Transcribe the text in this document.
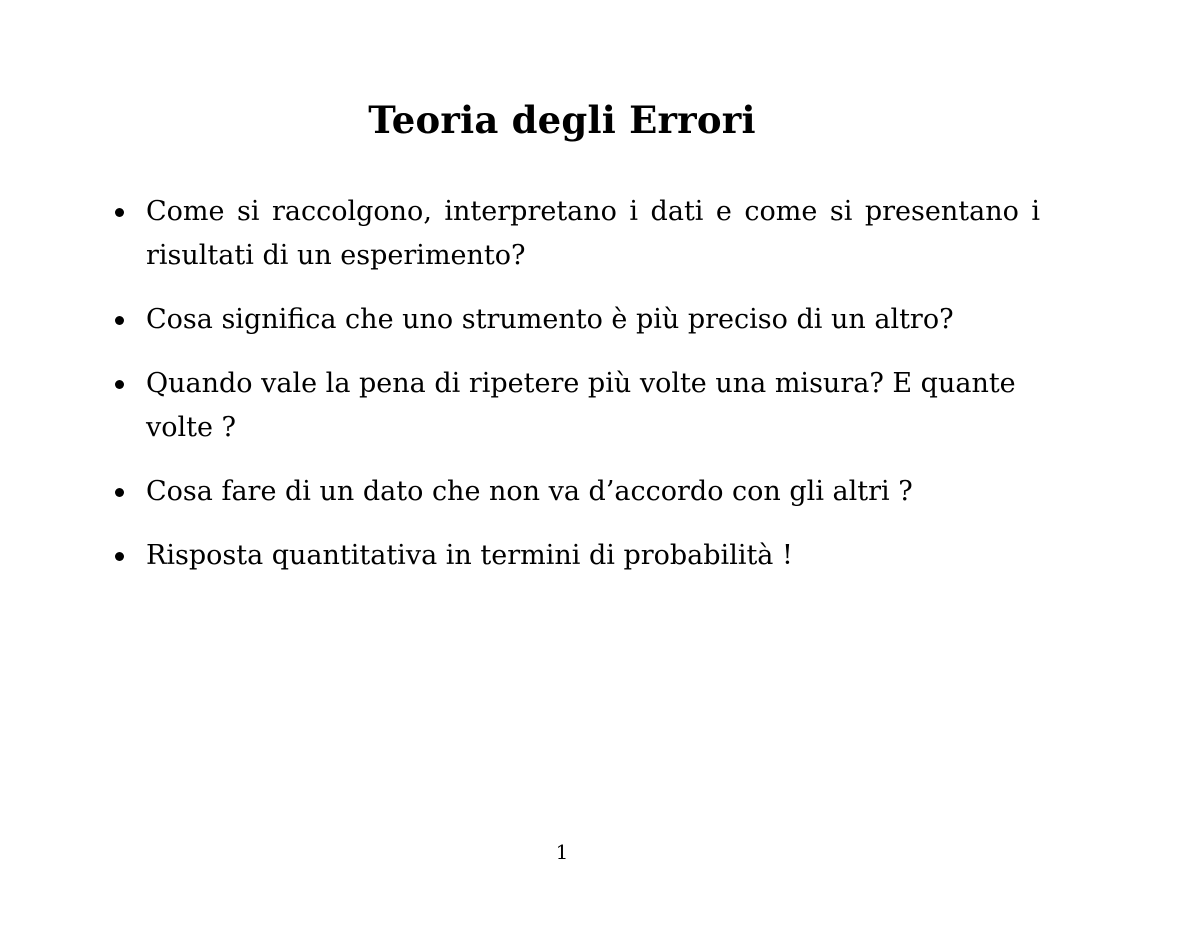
Teoria degli Errori
Come si raccolgono, interpretano i dati e come si presentano i risultati di un esperimento?
Cosa significa che uno strumento è più preciso di un altro?
Quando vale la pena di ripetere più volte una misura? E quante volte ?
Cosa fare di un dato che non va d’accordo con gli altri ?
Risposta quantitativa in termini di probabilità !
1
